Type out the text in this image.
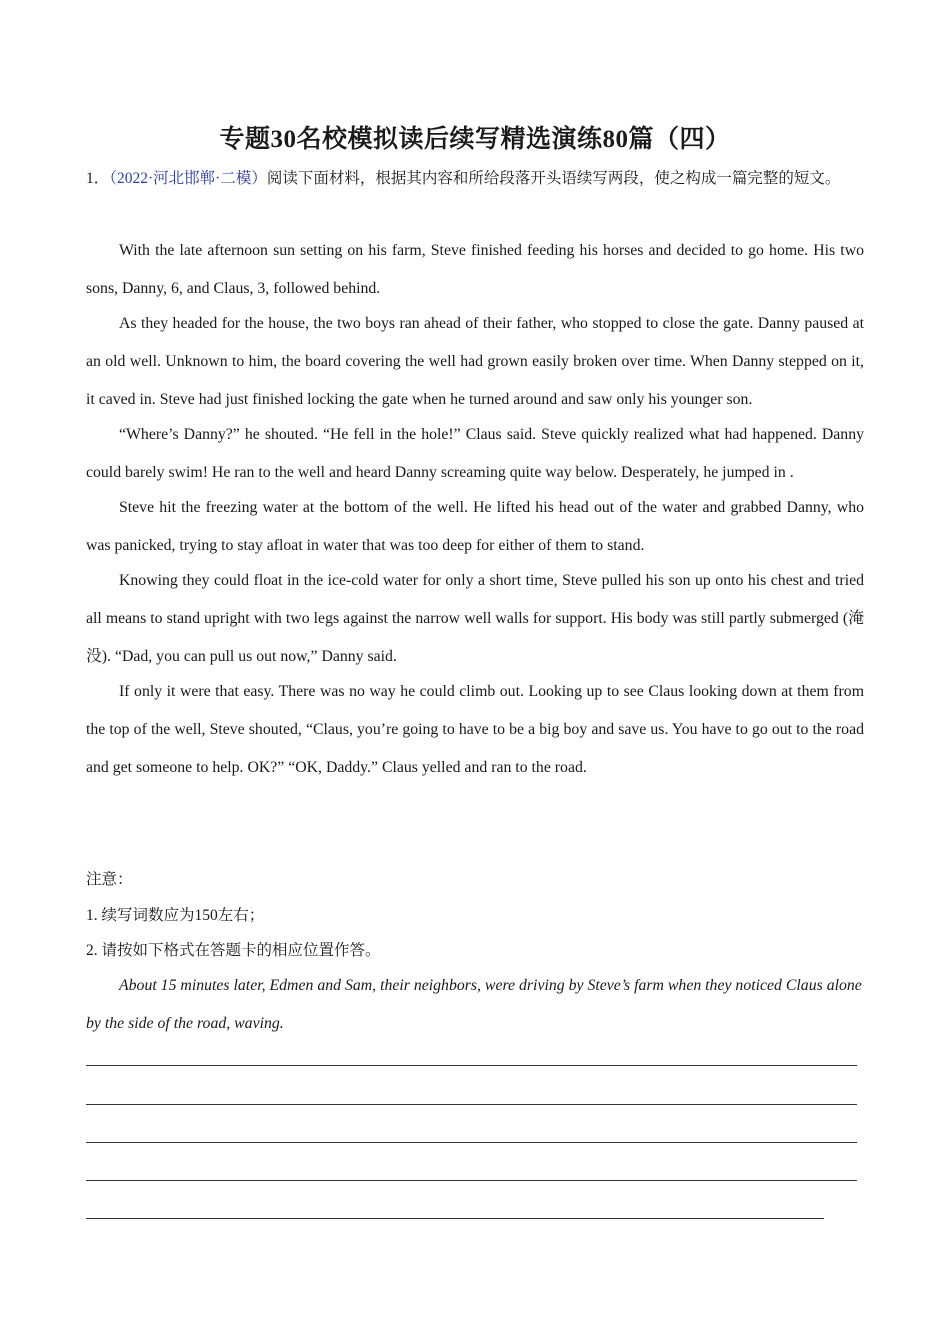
专题30名校模拟读后续写精选演练80篇（四）
1．（2022·河北邯郸·二模）阅读下面材料，根据其内容和所给段落开头语续写两段，使之构成一篇完整的短文。

With the late afternoon sun setting on his farm, Steve finished feeding his horses and decided to go home. His two sons, Danny, 6, and Claus, 3, followed behind.

As they headed for the house, the two boys ran ahead of their father, who stopped to close the gate. Danny paused at an old well. Unknown to him, the board covering the well had grown easily broken over time. When Danny stepped on it, it caved in. Steve had just finished locking the gate when he turned around and saw only his younger son.

“Where’s Danny?” he shouted. “He fell in the hole!” Claus said. Steve quickly realized what had happened. Danny could barely swim! He ran to the well and heard Danny screaming quite way below. Desperately, he jumped in .

Steve hit the freezing water at the bottom of the well. He lifted his head out of the water and grabbed Danny, who was panicked, trying to stay afloat in water that was too deep for either of them to stand.

Knowing they could float in the ice-cold water for only a short time, Steve pulled his son up onto his chest and tried all means to stand upright with two legs against the narrow well walls for support. His body was still partly submerged (淹没). “Dad, you can pull us out now,” Danny said.

If only it were that easy. There was no way he could climb out. Looking up to see Claus looking down at them from the top of the well, Steve shouted, “Claus, you’re going to have to be a big boy and save us. You have to go out to the road and get someone to help. OK?” “OK, Daddy.” Claus yelled and ran to the road.

注意：
1. 续写词数应为150左右；
2. 请按如下格式在答题卡的相应位置作答。
About 15 minutes later, Edmen and Sam, their neighbors, were driving by Steve’s farm when they noticed Claus alone by the side of the road, waving.
